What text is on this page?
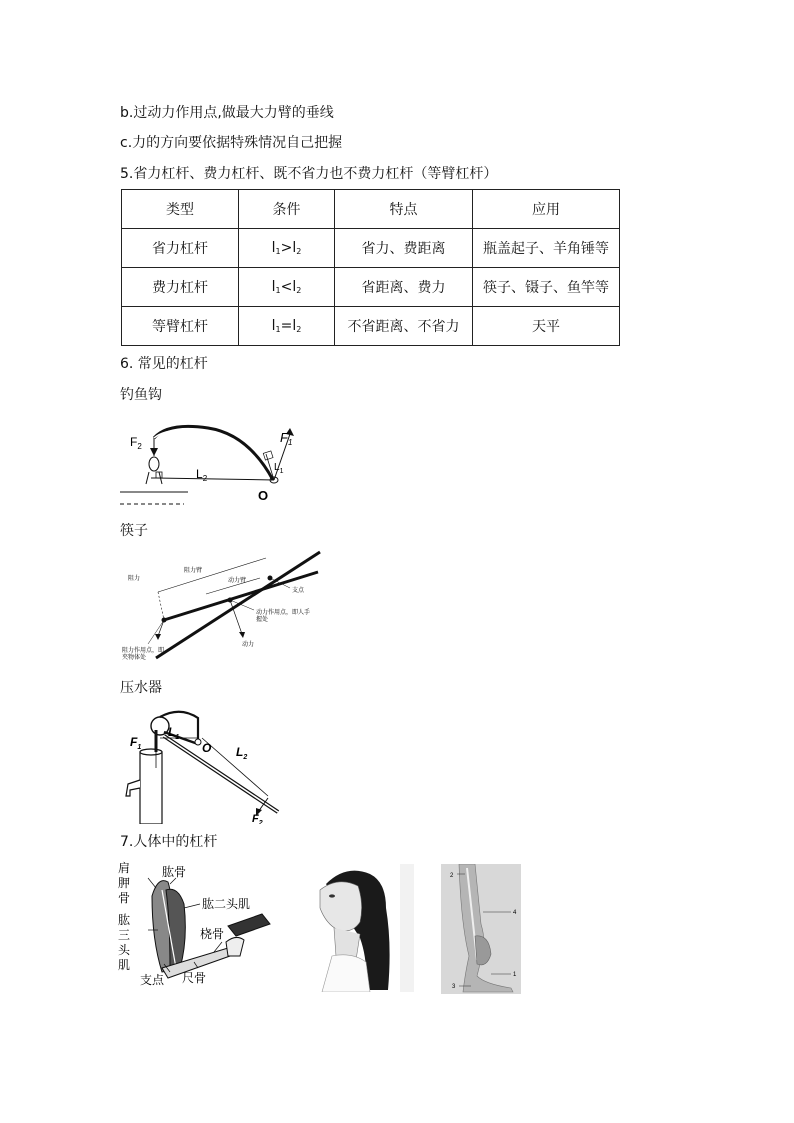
b.过动力作用点,做最大力臂的垂线
c.力的方向要依据特殊情况自己把握
5.省力杠杆、费力杠杆、既不省力也不费力杠杆（等臂杠杆）
类型	条件	特点	应用
省力杠杆	$l_1>l_2$	省力、费距离	瓶盖起子、羊角锤等
费力杠杆	$l_1<l_2$	省距离、费力	筷子、镊子、鱼竿等
等臂杠杆	$l_1=l_2$	不省距离、不省力	天平
6. 常见的杠杆
钓鱼钩
$F_2$
$F_1$
$L_2$
$L_1$
O
筷子
阻力
阻力臂
动力臂
支点
动力作用点，即人手
握处
动力
阻力作用点，即
夹物体处
压水器
$F_1$
$L_1$
O $L_2$
$F_2$
7.人体中的杠杆
肩
胛
骨
肱骨
肱二头肌
肱
三
头
肌
桡骨
支点 尺骨
2
4
1
3
